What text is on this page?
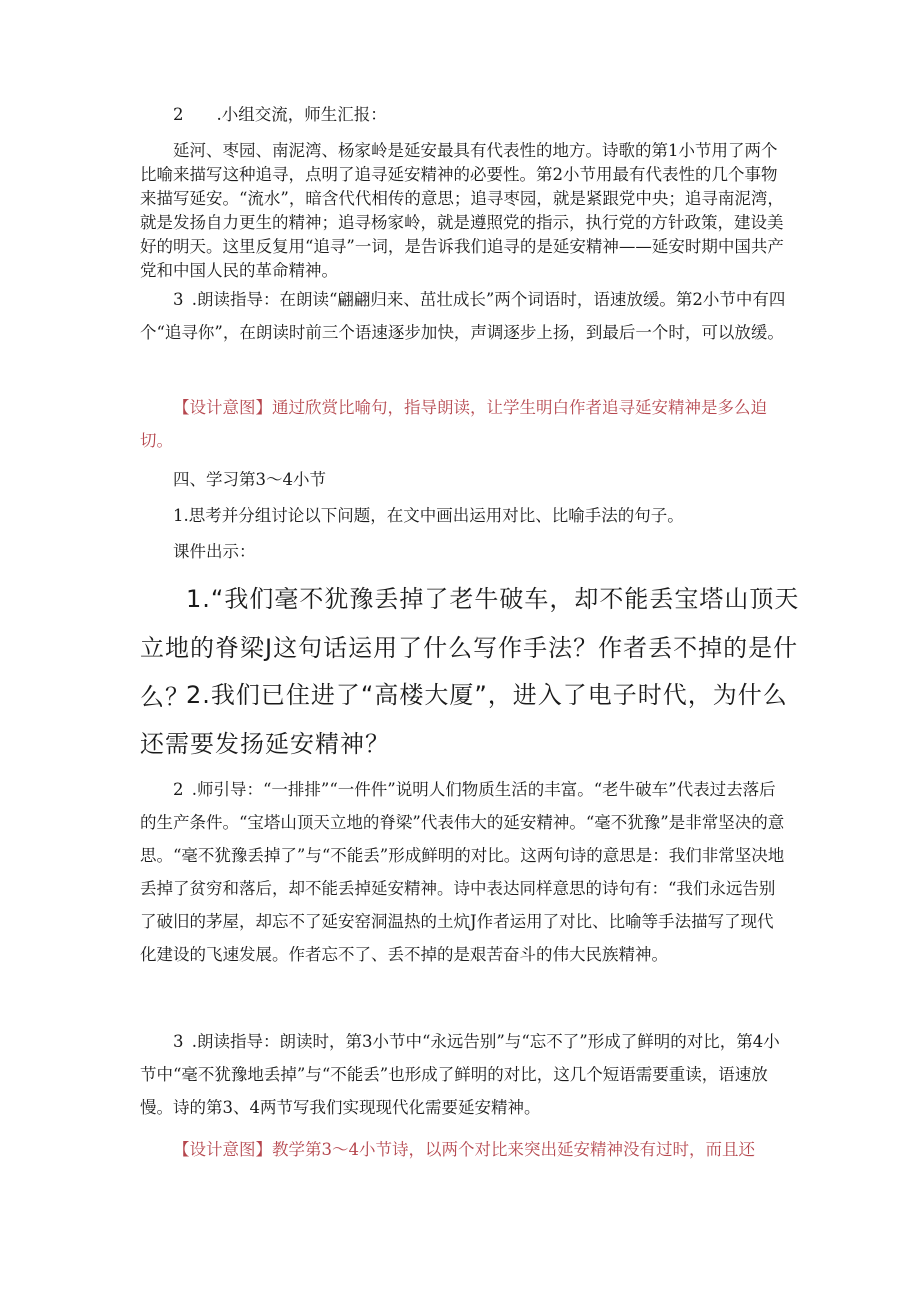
2  .小组交流，师生汇报：

延河、枣园、南泥湾、杨家岭是延安最具有代表性的地方。诗歌的第1小节用了两个比喻来描写这种追寻，点明了追寻延安精神的必要性。第2小节用最有代表性的几个事物来描写延安。“流水”，暗含代代相传的意思；追寻枣园，就是紧跟党中央；追寻南泥湾，就是发扬自力更生的精神；追寻杨家岭，就是遵照党的指示，执行党的方针政策，建设美好的明天。这里反复用“追寻”一词，是告诉我们追寻的是延安精神——延安时期中国共产党和中国人民的革命精神。

3 .朗读指导：在朗读“翩翩归来、茁壮成长”两个词语时，语速放缓。第2小节中有四个“追寻你”，在朗读时前三个语速逐步加快，声调逐步上扬，到最后一个时，可以放缓。

【设计意图】通过欣赏比喻句，指导朗读，让学生明白作者追寻延安精神是多么迫切。

四、学习第3～4小节

1.思考并分组讨论以下问题，在文中画出运用对比、比喻手法的句子。

课件出示：

1.“我们毫不犹豫丢掉了老牛破车，却不能丢宝塔山顶天立地的脊梁J这句话运用了什么写作手法？作者丢不掉的是什么？

2.我们已住进了“高楼大厦”，进入了电子时代，为什么还需要发扬延安精神？

2 .师引导：“一排排”“一件件”说明人们物质生活的丰富。“老牛破车”代表过去落后的生产条件。“宝塔山顶天立地的脊梁”代表伟大的延安精神。“毫不犹豫”是非常坚决的意思。“毫不犹豫丢掉了”与“不能丢”形成鲜明的对比。这两句诗的意思是：我们非常坚决地丢掉了贫穷和落后，却不能丢掉延安精神。诗中表达同样意思的诗句有：“我们永远告别了破旧的茅屋，却忘不了延安窑洞温热的土炕J作者运用了对比、比喻等手法描写了现代化建设的飞速发展。作者忘不了、丢不掉的是艰苦奋斗的伟大民族精神。

3 .朗读指导：朗读时，第3小节中“永远告别”与“忘不了”形成了鲜明的对比，第4小节中“毫不犹豫地丢掉”与“不能丢”也形成了鲜明的对比，这几个短语需要重读，语速放慢。诗的第3、4两节写我们实现现代化需要延安精神。

【设计意图】教学第3～4小节诗，以两个对比来突出延安精神没有过时，而且还
